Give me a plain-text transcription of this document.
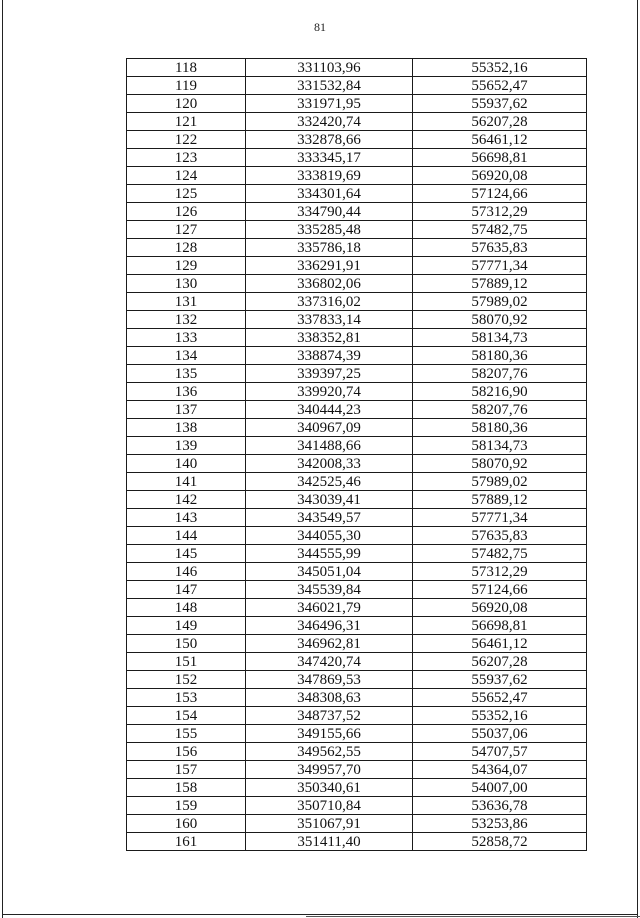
81
118	331103,96	55352,16
119	331532,84	55652,47
120	331971,95	55937,62
121	332420,74	56207,28
122	332878,66	56461,12
123	333345,17	56698,81
124	333819,69	56920,08
125	334301,64	57124,66
126	334790,44	57312,29
127	335285,48	57482,75
128	335786,18	57635,83
129	336291,91	57771,34
130	336802,06	57889,12
131	337316,02	57989,02
132	337833,14	58070,92
133	338352,81	58134,73
134	338874,39	58180,36
135	339397,25	58207,76
136	339920,74	58216,90
137	340444,23	58207,76
138	340967,09	58180,36
139	341488,66	58134,73
140	342008,33	58070,92
141	342525,46	57989,02
142	343039,41	57889,12
143	343549,57	57771,34
144	344055,30	57635,83
145	344555,99	57482,75
146	345051,04	57312,29
147	345539,84	57124,66
148	346021,79	56920,08
149	346496,31	56698,81
150	346962,81	56461,12
151	347420,74	56207,28
152	347869,53	55937,62
153	348308,63	55652,47
154	348737,52	55352,16
155	349155,66	55037,06
156	349562,55	54707,57
157	349957,70	54364,07
158	350340,61	54007,00
159	350710,84	53636,78
160	351067,91	53253,86
161	351411,40	52858,72
